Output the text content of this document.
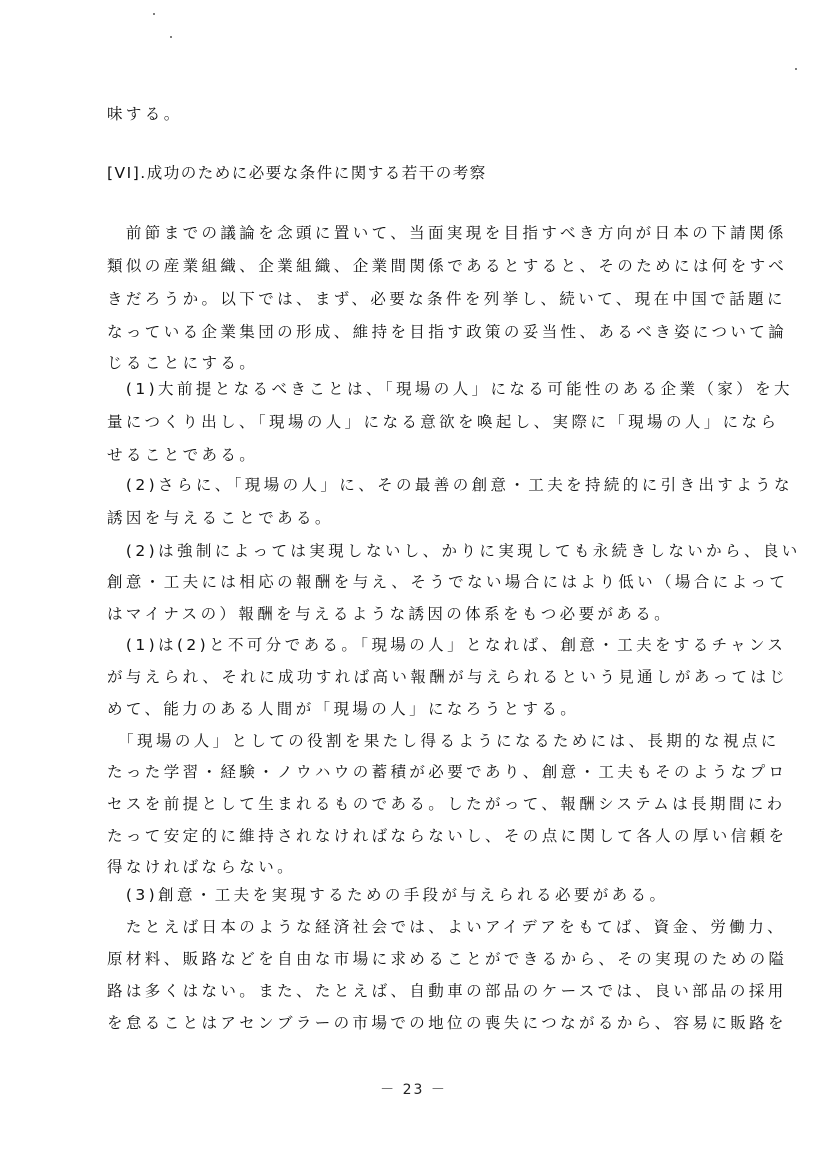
味する。
[VI].成功のために必要な条件に関する若干の考察
　前節までの議論を念頭に置いて、当面実現を目指すべき方向が日本の下請関係
類似の産業組織、企業組織、企業間関係であるとすると、そのためには何をすべ
きだろうか。以下では、まず、必要な条件を列挙し、続いて、現在中国で話題に
なっている企業集団の形成、維持を目指す政策の妥当性、あるべき姿について論
じることにする。
　(1)大前提となるべきことは、「現場の人」になる可能性のある企業（家）を大
量につくり出し、「現場の人」になる意欲を喚起し、実際に「現場の人」になら
せることである。
　(2)さらに、「現場の人」に、その最善の創意・工夫を持続的に引き出すような
誘因を与えることである。
　(2)は強制によっては実現しないし、かりに実現しても永続きしないから、良い
創意・工夫には相応の報酬を与え、そうでない場合にはより低い（場合によって
はマイナスの）報酬を与えるような誘因の体系をもつ必要がある。
　(1)は(2)と不可分である。「現場の人」となれば、創意・工夫をするチャンス
が与えられ、それに成功すれば高い報酬が与えられるという見通しがあってはじ
めて、能力のある人間が「現場の人」になろうとする。
　「現場の人」としての役割を果たし得るようになるためには、長期的な視点に
たった学習・経験・ノウハウの蓄積が必要であり、創意・工夫もそのようなプロ
セスを前提として生まれるものである。したがって、報酬システムは長期間にわ
たって安定的に維持されなければならないし、その点に関して各人の厚い信頼を
得なければならない。
　(3)創意・工夫を実現するための手段が与えられる必要がある。
　たとえば日本のような経済社会では、よいアイデアをもてば、資金、労働力、
原材料、販路などを自由な市場に求めることができるから、その実現のための隘
路は多くはない。また、たとえば、自動車の部品のケースでは、良い部品の採用
を怠ることはアセンブラーの市場での地位の喪失につながるから、容易に販路を
－ 23 －
